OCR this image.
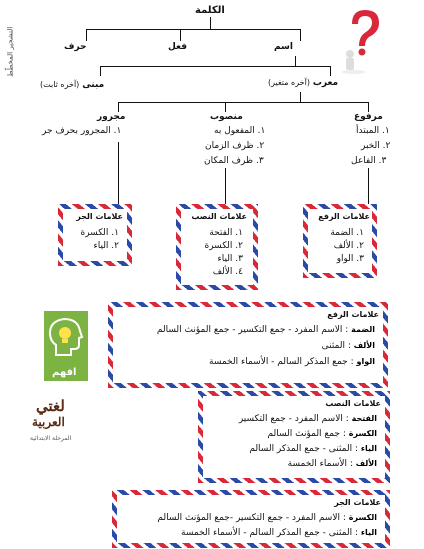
التشجير المخطّط
الكلمة
اسم
فعل
حرف
معرب (آخره متغير)
مبنى (آخره ثابت)
مرفوع
منصوب
مجرور
١. المبتدأ
٢. الخبر
٣. الفاعل
١. المفعول به
٢. ظرف الزمان
٣. ظرف المكان
١. المجرور بحرف جر
علامات الرفع
١. الضمة
٢. الألف
٣. الواو
علامات النصب
١. الفتحة
٢. الكسرة
٣. الياء
٤. الألف
علامات الجر
١. الكسرة
٢. الياء
افهم
لغتي
العربية
المرحلة الابتدائية
علامات الرفع
الضمة : الاسم المفرد - جمع التكسير - جمع المؤنث السالم
الألف : المثنى
الواو : جمع المذكر السالم - الأسماء الخمسة
علامات النصب
الفتحة : الاسم المفرد - جمع التكسير
الكسرة : جمع المؤنث السالم
الياء : المثنى - جمع المذكر السالم
الألف : الأسماء الخمسة
علامات الجر
الكسرة : الاسم المفرد - جمع التكسير -جمع المؤنث السالم
الياء : المثنى - جمع المذكر السالم - الأسماء الخمسة
